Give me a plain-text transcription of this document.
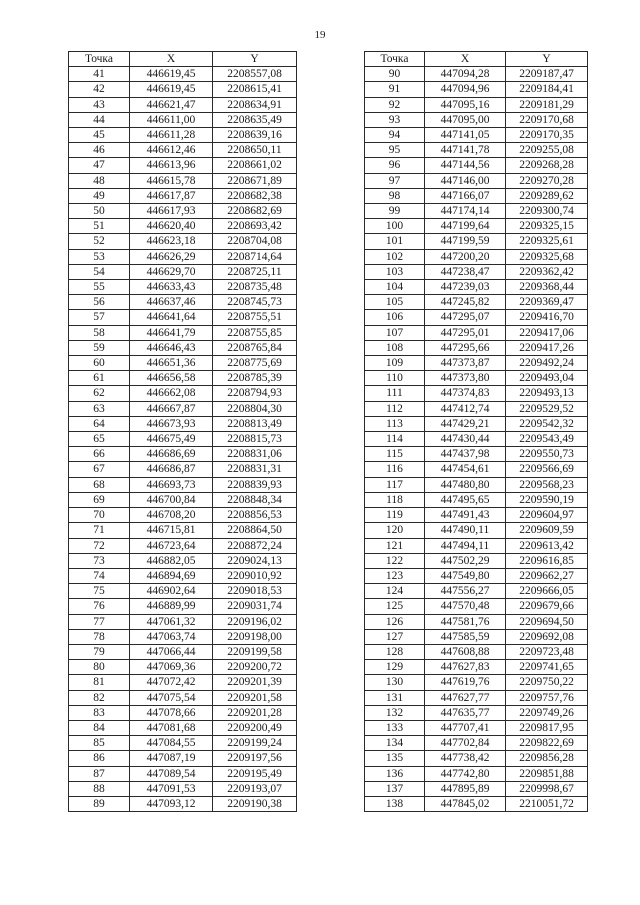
19
Точка	X	Y
41	446619,45	2208557,08
42	446619,45	2208615,41
43	446621,47	2208634,91
44	446611,00	2208635,49
45	446611,28	2208639,16
46	446612,46	2208650,11
47	446613,96	2208661,02
48	446615,78	2208671,89
49	446617,87	2208682,38
50	446617,93	2208682,69
51	446620,40	2208693,42
52	446623,18	2208704,08
53	446626,29	2208714,64
54	446629,70	2208725,11
55	446633,43	2208735,48
56	446637,46	2208745,73
57	446641,64	2208755,51
58	446641,79	2208755,85
59	446646,43	2208765,84
60	446651,36	2208775,69
61	446656,58	2208785,39
62	446662,08	2208794,93
63	446667,87	2208804,30
64	446673,93	2208813,49
65	446675,49	2208815,73
66	446686,69	2208831,06
67	446686,87	2208831,31
68	446693,73	2208839,93
69	446700,84	2208848,34
70	446708,20	2208856,53
71	446715,81	2208864,50
72	446723,64	2208872,24
73	446882,05	2209024,13
74	446894,69	2209010,92
75	446902,64	2209018,53
76	446889,99	2209031,74
77	447061,32	2209196,02
78	447063,74	2209198,00
79	447066,44	2209199,58
80	447069,36	2209200,72
81	447072,42	2209201,39
82	447075,54	2209201,58
83	447078,66	2209201,28
84	447081,68	2209200,49
85	447084,55	2209199,24
86	447087,19	2209197,56
87	447089,54	2209195,49
88	447091,53	2209193,07
89	447093,12	2209190,38
Точка	X	Y
90	447094,28	2209187,47
91	447094,96	2209184,41
92	447095,16	2209181,29
93	447095,00	2209170,68
94	447141,05	2209170,35
95	447141,78	2209255,08
96	447144,56	2209268,28
97	447146,00	2209270,28
98	447166,07	2209289,62
99	447174,14	2209300,74
100	447199,64	2209325,15
101	447199,59	2209325,61
102	447200,20	2209325,68
103	447238,47	2209362,42
104	447239,03	2209368,44
105	447245,82	2209369,47
106	447295,07	2209416,70
107	447295,01	2209417,06
108	447295,66	2209417,26
109	447373,87	2209492,24
110	447373,80	2209493,04
111	447374,83	2209493,13
112	447412,74	2209529,52
113	447429,21	2209542,32
114	447430,44	2209543,49
115	447437,98	2209550,73
116	447454,61	2209566,69
117	447480,80	2209568,23
118	447495,65	2209590,19
119	447491,43	2209604,97
120	447490,11	2209609,59
121	447494,11	2209613,42
122	447502,29	2209616,85
123	447549,80	2209662,27
124	447556,27	2209666,05
125	447570,48	2209679,66
126	447581,76	2209694,50
127	447585,59	2209692,08
128	447608,88	2209723,48
129	447627,83	2209741,65
130	447619,76	2209750,22
131	447627,77	2209757,76
132	447635,77	2209749,26
133	447707,41	2209817,95
134	447702,84	2209822,69
135	447738,42	2209856,28
136	447742,80	2209851,88
137	447895,89	2209998,67
138	447845,02	2210051,72
